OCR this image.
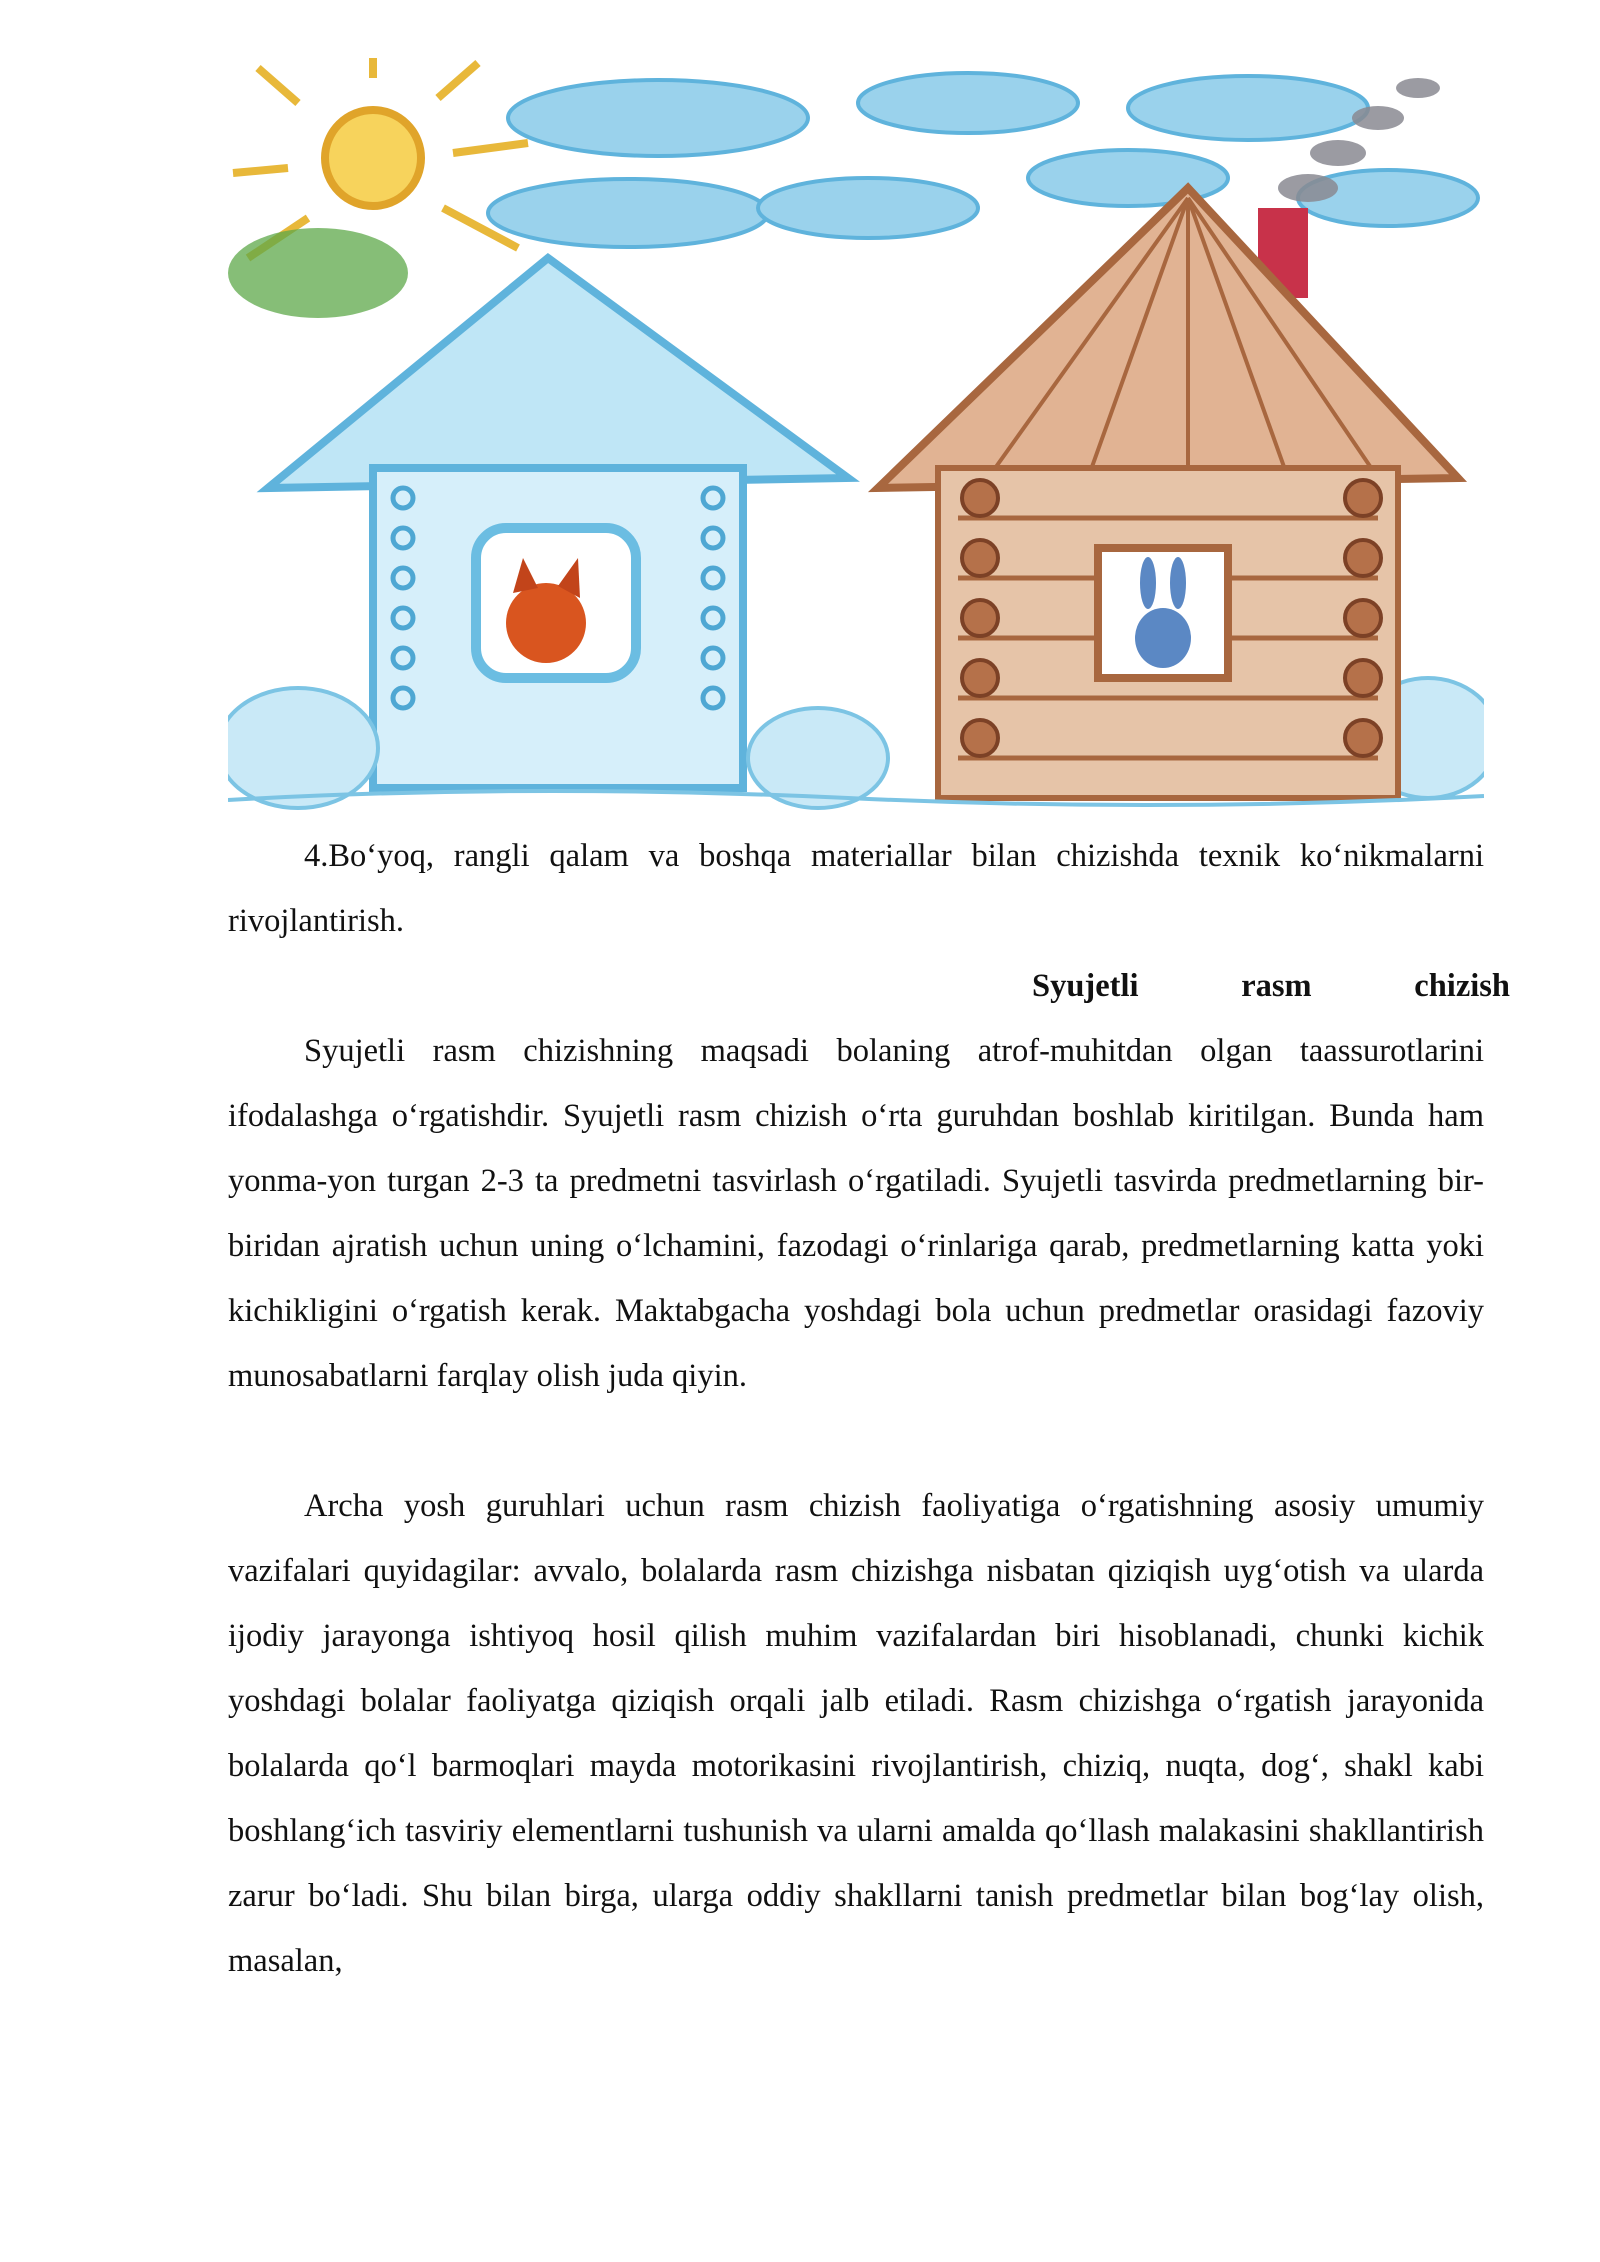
4.Bo‘yoq, rangli qalam va boshqa materiallar bilan chizishda texnik ko‘nikmalarni rivojlantirish.

Syujetli rasm chizish

Syujetli rasm chizishning maqsadi bolaning atrof-muhitdan olgan taassurotlarini ifodalashga o‘rgatishdir. Syujetli rasm chizish o‘rta guruhdan boshlab kiritilgan. Bunda ham yonma-yon turgan 2-3 ta predmetni tasvirlash o‘rgatiladi. Syujetli tasvirda predmetlarning bir-biridan ajratish uchun uning o‘lchamini, fazodagi o‘rinlariga qarab, predmetlarning katta yoki kichikligini o‘rgatish kerak. Maktabgacha yoshdagi bola uchun predmetlar orasidagi fazoviy munosabatlarni farqlay olish juda qiyin.

Archa yosh guruhlari uchun rasm chizish faoliyatiga o‘rgatishning asosiy umumiy vazifalari quyidagilar: avvalo, bolalarda rasm chizishga nisbatan qiziqish uyg‘otish va ularda ijodiy jarayonga ishtiyoq hosil qilish muhim vazifalardan biri hisoblanadi, chunki kichik yoshdagi bolalar faoliyatga qiziqish orqali jalb etiladi. Rasm chizishga o‘rgatish jarayonida bolalarda qo‘l barmoqlari mayda motorikasini rivojlantirish, chiziq, nuqta, dog‘, shakl kabi boshlang‘ich tasviriy elementlarni tushunish va ularni amalda qo‘llash malakasini shakllantirish zarur bo‘ladi. Shu bilan birga, ularga oddiy shakllarni tanish predmetlar bilan bog‘lay olish, masalan,
